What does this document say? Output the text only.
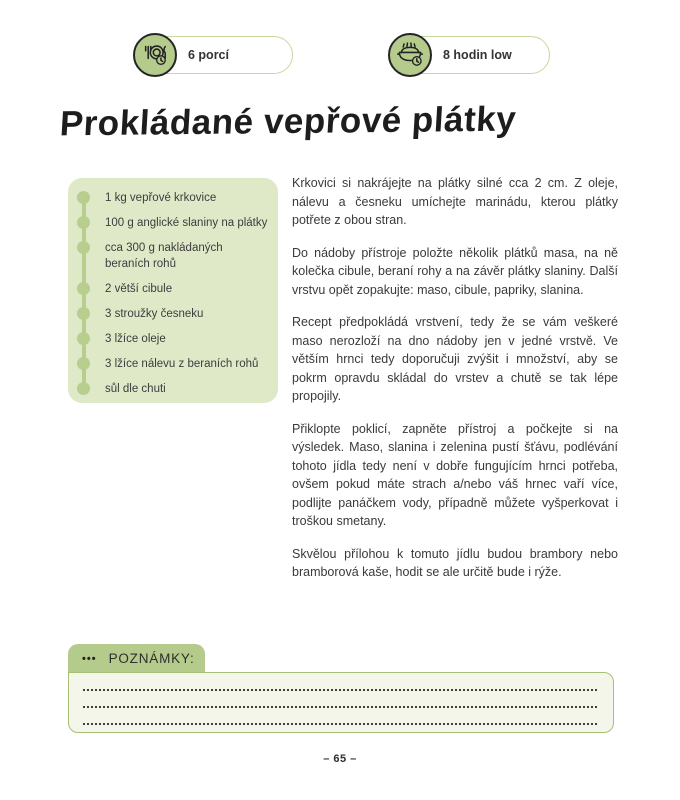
6 porcí	8 hodin low
Prokládané vepřové plátky
1 kg vepřové krkovice
100 g anglické slaniny na plátky
cca 300 g nakládaných beraních rohů
2 větší cibule
3 stroužky česneku
3 lžíce oleje
3 lžíce nálevu z beraních rohů
sůl dle chuti

Krkovici si nakrájejte na plátky silné cca 2 cm. Z oleje, nálevu a česneku umíchejte marinádu, kterou plátky potřete z obou stran.

Do nádoby přístroje položte několik plátků masa, na ně kolečka cibule, beraní rohy a na závěr plátky slaniny. Další vrstvu opět zopakujte: maso, cibule, papriky, slanina.

Recept předpokládá vrstvení, tedy že se vám veškeré maso nerozloží na dno nádoby jen v jedné vrstvě. Ve větším hrnci tedy doporučuji zvýšit i množství, aby se pokrm opravdu skládal do vrstev a chutě se tak lépe propojily.

Přiklopte poklicí, zapněte přístroj a počkejte si na výsledek. Maso, slanina i zelenina pustí šťávu, podlévání tohoto jídla tedy není v dobře fungujícím hrnci potřeba, ovšem pokud máte strach a/nebo váš hrnec vaří více, podlijte panáčkem vody, případně můžete vyšperkovat i troškou smetany.

Skvělou přílohou k tomuto jídlu budou brambory nebo bramborová kaše, hodit se ale určitě bude i rýže.

••• POZNÁMKY:
– 65 –
